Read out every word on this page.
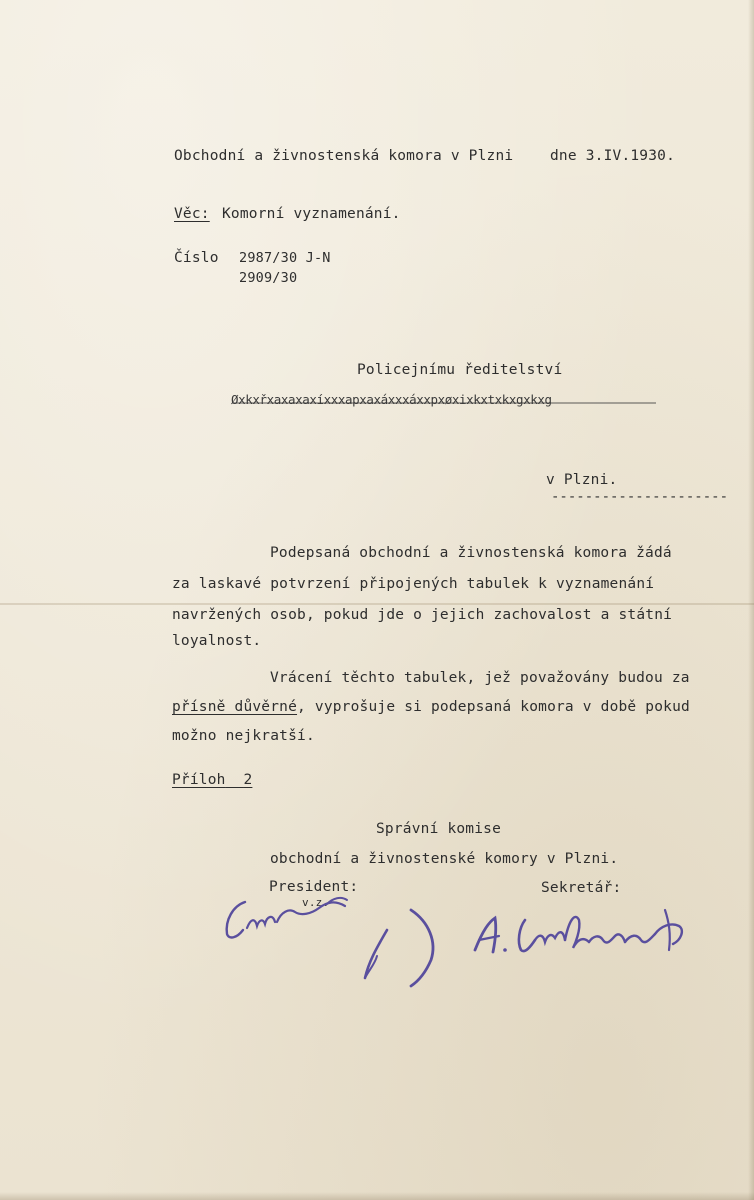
Obchodní a živnostenská komora v Plzni	dne 3.IV.1930.
Věc: Komorní vyznamenání.
Číslo 2987/30 J-N
2909/30
Policejnímu ředitelství
Øxkxřxaxaxaxíxxxapxaxáxxxáxxpxøxixkxtxkxgxkxg
v Plzni.
---------------------
Podepsaná obchodní a živnostenská komora žádá
za laskavé potvrzení připojených tabulek k vyznamenání
navržených osob, pokud jde o jejich zachovalost a státní
loyalnost.
Vrácení těchto tabulek, jež považovány budou za
přísně důvěrné, vyprošuje si podepsaná komora v době pokud
možno nejkratší.
Příloh 2
Správní komise
obchodní a živnostenské komory v Plzni.
President:
v.z.
Sekretář:
